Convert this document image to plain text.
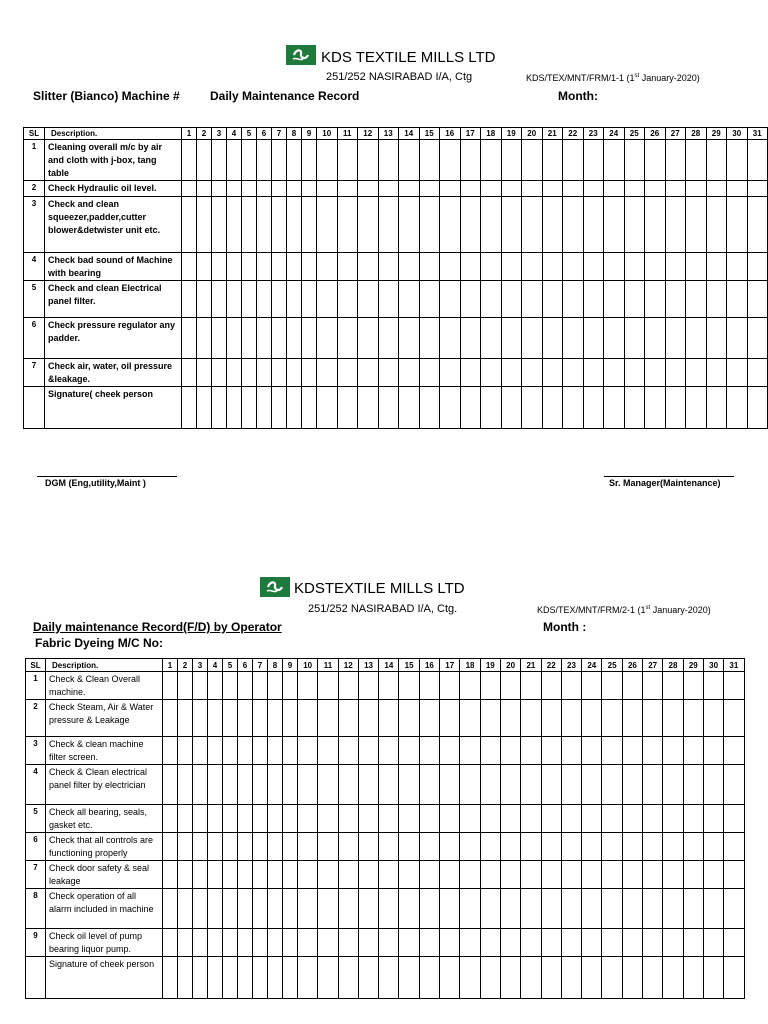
KDS TEXTILE MILLS LTD
251/252 NASIRABAD I/A, Ctg	KDS/TEX/MNT/FRM/1-1 (1st January-2020)
Slitter (Bianco) Machine #	Daily Maintenance Record	Month:
SL	Description.	1	2	3	4	5	6	7	8	9	10	11	12	13	14	15	16	17	18	19	20	21	22	23	24	25	26	27	28	29	30	31
1	Cleaning overall m/c by air and cloth with j-box, tang table																															
2	Check Hydraulic oil level.																															
3	Check and clean squeezer,padder,cutter blower&detwister unit etc.																															
4	Check bad sound of Machine with bearing																															
5	Check and clean Electrical panel filter.																															
6	Check pressure regulator any padder.																															
7	Check air, water, oil pressure &leakage.																															
	Signature( cheek person																															
DGM (Eng,utility,Maint )	Sr. Manager(Maintenance)
KDSTEXTILE MILLS LTD
251/252 NASIRABAD I/A, Ctg.	KDS/TEX/MNT/FRM/2-1 (1st January-2020)
Daily maintenance Record(F/D) by Operator
Fabric Dyeing M/C No:
Month :
SL	Description.	1	2	3	4	5	6	7	8	9	10	11	12	13	14	15	16	17	18	19	20	21	22	23	24	25	26	27	28	29	30	31
1	Check & Clean Overall machine.																															
2	Check Steam, Air & Water pressure & Leakage																															
3	Check & clean machine filter screen.																															
4	Check & Clean electrical panel filter by electrician																															
5	Check all bearing, seals, gasket etc.																															
6	Check that all controls are functioning properly																															
7	Check door safety & seal leakage																															
8	Check operation of all alarm included in machine																															
9	Check oil level of pump bearing liquor pump.																															
	Signature of cheek person																															
